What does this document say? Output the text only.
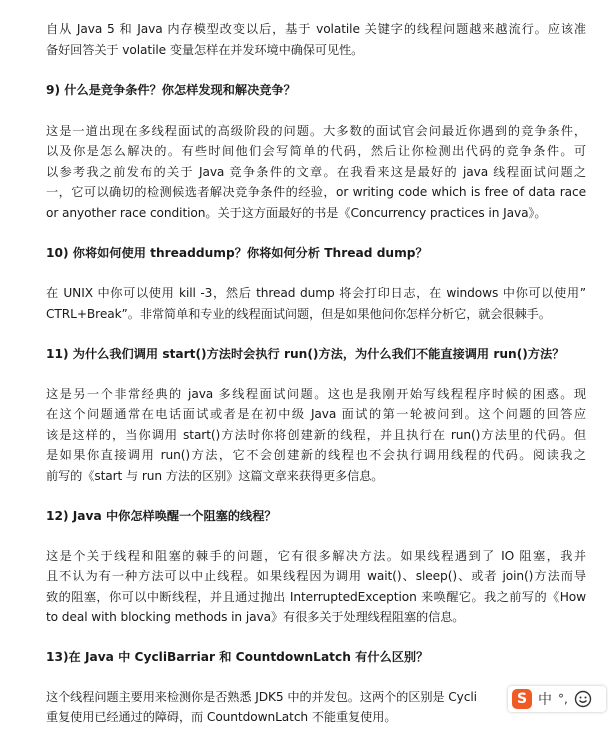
自从 Java 5 和 Java 内存模型改变以后，基于 volatile 关键字的线程问题越来越流行。应该准
备好回答关于 volatile 变量怎样在并发环境中确保可见性。
9) 什么是竞争条件？你怎样发现和解决竞争？
这是一道出现在多线程面试的高级阶段的问题。大多数的面试官会问最近你遇到的竞争条件，
以及你是怎么解决的。有些时间他们会写简单的代码，然后让你检测出代码的竞争条件。可
以参考我之前发布的关于 Java 竞争条件的文章。在我看来这是最好的 java 线程面试问题之
一，它可以确切的检测候选者解决竞争条件的经验，or writing code which is free of data race
or anyother race condition。关于这方面最好的书是《Concurrency practices in Java》。
10) 你将如何使用 threaddump？你将如何分析 Thread dump？
在 UNIX 中你可以使用 kill -3，然后 thread dump 将会打印日志，在 windows 中你可以使用”
CTRL+Break”。非常简单和专业的线程面试问题，但是如果他问你怎样分析它，就会很棘手。
11) 为什么我们调用 start()方法时会执行 run()方法，为什么我们不能直接调用 run()方法？
这是另一个非常经典的 java 多线程面试问题。这也是我刚开始写线程程序时候的困惑。现
在这个问题通常在电话面试或者是在初中级 Java 面试的第一轮被问到。这个问题的回答应
该是这样的，当你调用 start()方法时你将创建新的线程，并且执行在 run()方法里的代码。但
是如果你直接调用 run()方法，它不会创建新的线程也不会执行调用线程的代码。阅读我之
前写的《start 与 run 方法的区别》这篇文章来获得更多信息。
12) Java 中你怎样唤醒一个阻塞的线程？
这是个关于线程和阻塞的棘手的问题，它有很多解决方法。如果线程遇到了 IO 阻塞，我并
且不认为有一种方法可以中止线程。如果线程因为调用 wait()、sleep()、或者 join()方法而导
致的阻塞，你可以中断线程，并且通过抛出 InterruptedException 来唤醒它。我之前写的《How
to deal with blocking methods in java》有很多关于处理线程阻塞的信息。
13)在 Java 中 CycliBarriar 和 CountdownLatch 有什么区别？
这个线程问题主要用来检测你是否熟悉 JDK5 中的并发包。这两个的区别是 Cycli
重复使用已经通过的障碍，而 CountdownLatch 不能重复使用。
S 中 °,
